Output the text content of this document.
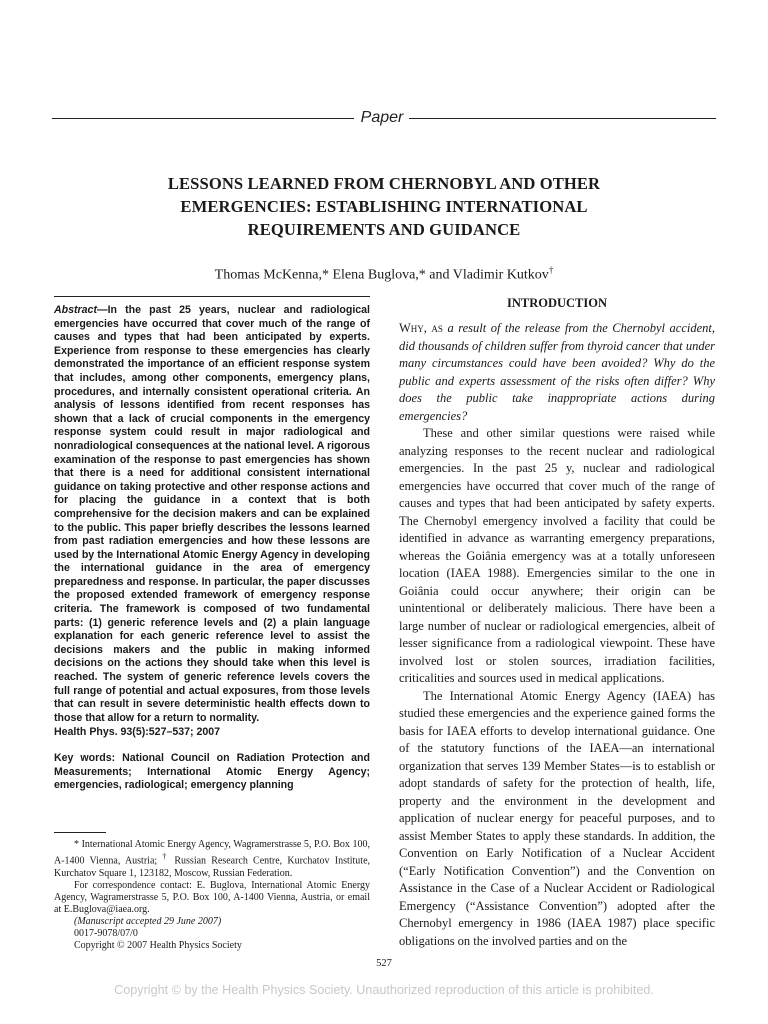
Paper
LESSONS LEARNED FROM CHERNOBYL AND OTHER EMERGENCIES: ESTABLISHING INTERNATIONAL REQUIREMENTS AND GUIDANCE

Thomas McKenna,* Elena Buglova,* and Vladimir Kutkov†

Abstract—In the past 25 years, nuclear and radiological emergencies have occurred that cover much of the range of causes and types that had been anticipated by experts. Experience from response to these emergencies has clearly demonstrated the importance of an efficient response system that includes, among other components, emergency plans, procedures, and internally consistent operational criteria. An analysis of lessons identified from recent responses has shown that a lack of crucial components in the emergency response system could result in major radiological and nonradiological consequences at the national level. A rigorous examination of the response to past emergencies has shown that there is a need for additional consistent international guidance on taking protective and other response actions and for placing the guidance in a context that is both comprehensive for the decision makers and can be explained to the public. This paper briefly describes the lessons learned from past radiation emergencies and how these lessons are used by the International Atomic Energy Agency in developing the international guidance in the area of emergency preparedness and response. In particular, the paper discusses the proposed extended framework of emergency response criteria. The framework is composed of two fundamental parts: (1) generic reference levels and (2) a plain language explanation for each generic reference level to assist the decisions makers and the public in making informed decisions on the actions they should take when this level is reached. The system of generic reference levels covers the full range of potential and actual exposures, from those levels that can result in severe deterministic health effects down to those that allow for a return to normality.

Health Phys. 93(5):527–537; 2007

Key words: National Council on Radiation Protection and Measurements; International Atomic Energy Agency; emergencies, radiological; emergency planning

* International Atomic Energy Agency, Wagramerstrasse 5, P.O. Box 100, A-1400 Vienna, Austria; † Russian Research Centre, Kurchatov Institute, Kurchatov Square 1, 123182, Moscow, Russian Federation.

For correspondence contact: E. Buglova, International Atomic Energy Agency, Wagramerstrasse 5, P.O. Box 100, A-1400 Vienna, Austria, or email at E.Buglova@iaea.org.

(Manuscript accepted 29 June 2007)

0017-9078/07/0

Copyright © 2007 Health Physics Society

INTRODUCTION

Why, as a result of the release from the Chernobyl accident, did thousands of children suffer from thyroid cancer that under many circumstances could have been avoided? Why do the public and experts assessment of the risks often differ? Why does the public take inappropriate actions during emergencies?

These and other similar questions were raised while analyzing responses to the recent nuclear and radiological emergencies. In the past 25 y, nuclear and radiological emergencies have occurred that cover much of the range of causes and types that had been anticipated by safety experts. The Chernobyl emergency involved a facility that could be identified in advance as warranting emergency preparations, whereas the Goiânia emergency was at a totally unforeseen location (IAEA 1988). Emergencies similar to the one in Goiânia could occur anywhere; their origin can be unintentional or deliberately malicious. There have been a large number of nuclear or radiological emergencies, albeit of lesser significance from a radiological viewpoint. These have involved lost or stolen sources, irradiation facilities, criticalities and sources used in medical applications.

The International Atomic Energy Agency (IAEA) has studied these emergencies and the experience gained forms the basis for IAEA efforts to develop international guidance. One of the statutory functions of the IAEA—an international organization that serves 139 Member States—is to establish or adopt standards of safety for the protection of health, life, property and the environment in the development and application of nuclear energy for peaceful purposes, and to assist Member States to apply these standards. In addition, the Convention on Early Notification of a Nuclear Accident (“Early Notification Convention”) and the Convention on Assistance in the Case of a Nuclear Accident or Radiological Emergency (“Assistance Convention”) adopted after the Chernobyl emergency in 1986 (IAEA 1987) place specific obligations on the involved parties and on the

527
Copyright © by the Health Physics Society. Unauthorized reproduction of this article is prohibited.
